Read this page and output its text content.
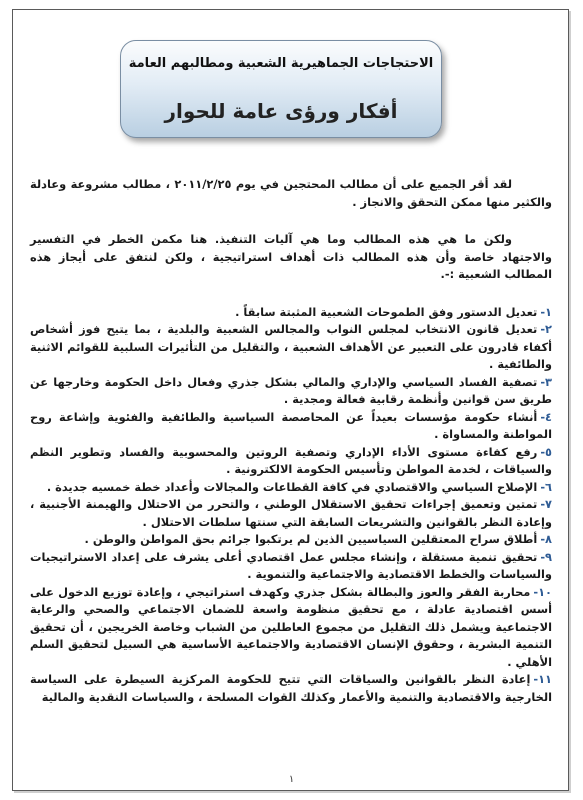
الاحتجاجات الجماهيرية الشعبية ومطالبهم العامة
أفكار ورؤى عامة للحوار

لقد أقر الجميع على أن مطالب المحتجين في يوم ٢٠١١/٢/٢٥ ، مطالب مشروعة وعادلة والكثير منها ممكن التحقق والانجاز .

ولكن ما هي هذه المطالب وما هي آليات التنفيذ. هنا مكمن الخطر في التفسير والاجتهاد خاصة وأن هذه المطالب ذات أهداف استراتيجية ، ولكن لنتفق على أيجاز هذه المطالب الشعبية :-.

١-تعديل الدستور وفق الطموحات الشعبية المثبتة سابقاً .

٢-تعديل قانون الانتخاب لمجلس النواب والمجالس الشعبية والبلدية ، بما يتيح فوز أشخاص أكفاء قادرون على التعبير عن الأهداف الشعبية ، والتقليل من التأثيرات السلبية للقوائم الاثنية والطائفية .

٣-تصفية الفساد السياسي والإداري والمالي بشكل جذري وفعال داخل الحكومة وخارجها عن طريق سن قوانين وأنظمة رقابية فعالة ومجدية .

٤-أنشاء حكومة مؤسسات بعيداً عن المحاصصة السياسية والطائفية والفئوية وإشاعة روح المواطنة والمساواة .

٥-رفع كفاءة مستوى الأداء الإداري وتصفية الروتين والمحسوبية والفساد وتطوير النظم والسياقات ، لخدمة المواطن وتأسيس الحكومة الالكترونية .

٦-الإصلاح السياسي والاقتصادي في كافة القطاعات والمجالات وأعداد خطة خمسيه جديدة .

٧-تمتين وتعميق إجراءات تحقيق الاستقلال الوطني ، والتحرر من الاحتلال والهيمنة الأجنبية ، وإعادة النظر بالقوانين والتشريعات السابقة التي سنتها سلطات الاحتلال .

٨-أطلاق سراح المعتقلين السياسيين الذين لم يرتكبوا جرائم بحق المواطن والوطن .

٩-تحقيق تنمية مستقلة ، وإنشاء مجلس عمل اقتصادي أعلى يشرف على إعداد الاستراتيجيات والسياسات والخطط الاقتصادية والاجتماعية والتنموية .

١٠-محاربة الفقر والعوز والبطالة بشكل جذري وكهدف استراتيجي ، وإعادة توزيع الدخول على أسس اقتصادية عادلة ، مع تحقيق منظومة واسعة للضمان الاجتماعي والصحي والرعاية الاجتماعية ويشمل ذلك التقليل من مجموع العاطلين من الشباب وخاصة الخريجين ، أن تحقيق التنمية البشرية ، وحقوق الإنسان الاقتصادية والاجتماعية الأساسية هي السبيل لتحقيق السلم الأهلي .

١١-إعادة النظر بالقوانين والسياقات التي تتيح للحكومة المركزية السيطرة على السياسة الخارجية والاقتصادية والتنمية والأعمار وكذلك القوات المسلحة ، والسياسات النقدية والمالية

١
